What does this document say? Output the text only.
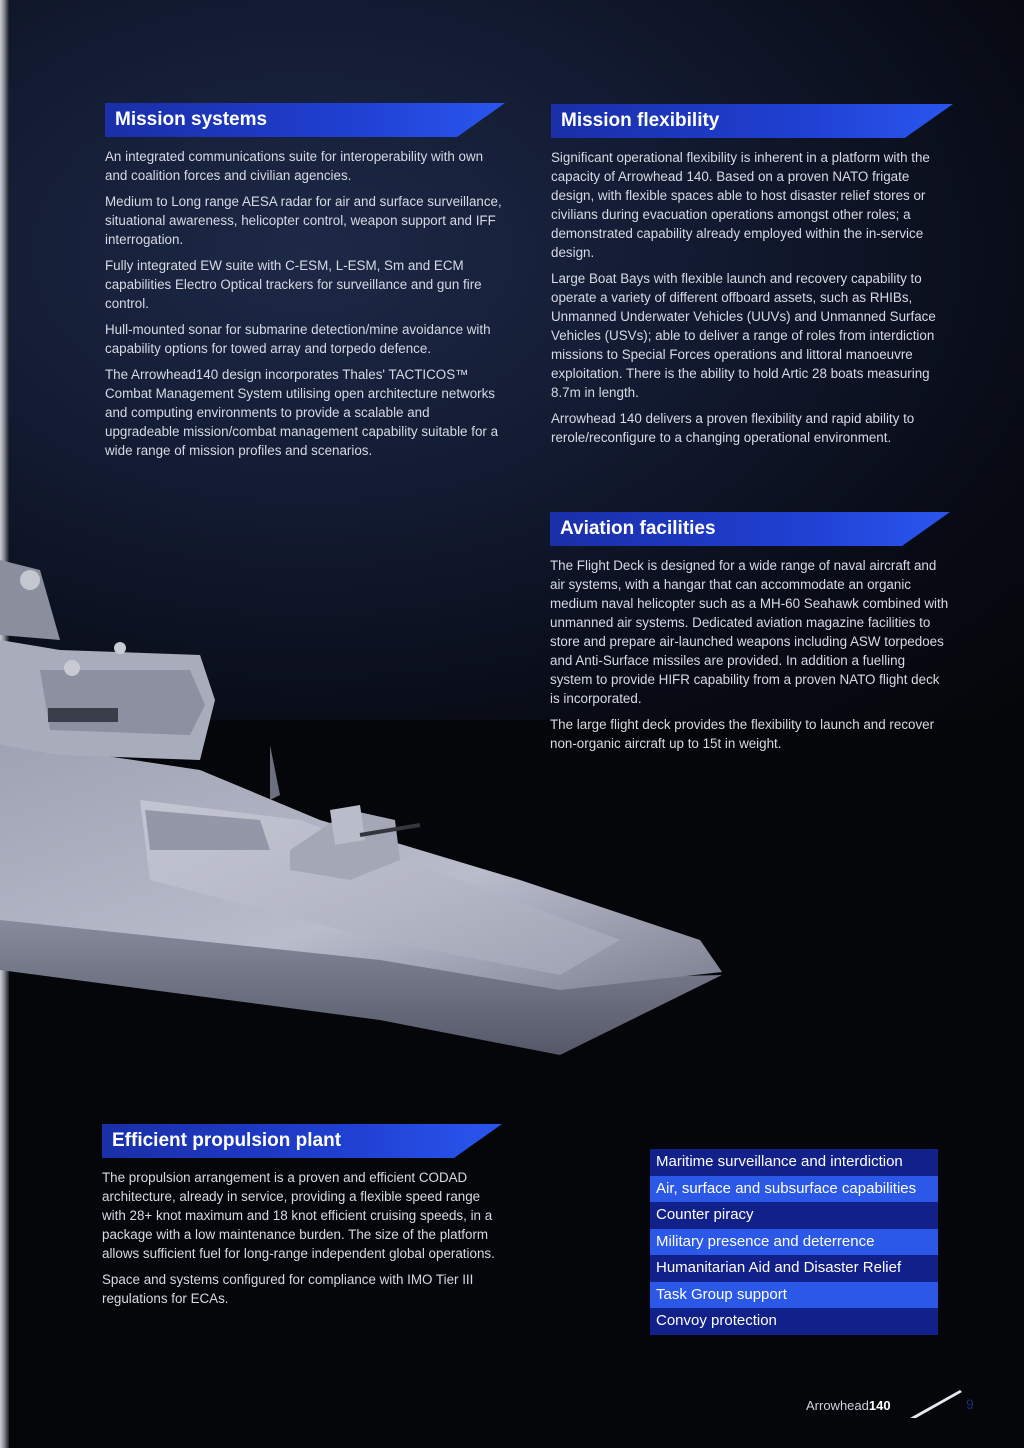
Mission systems

An integrated communications suite for interoperability with own and coalition forces and civilian agencies.

Medium to Long range AESA radar for air and surface surveillance, situational awareness, helicopter control, weapon support and IFF interrogation.

Fully integrated EW suite with C-ESM, L-ESM, Sm and ECM capabilities Electro Optical trackers for surveillance and gun fire control.

Hull-mounted sonar for submarine detection/mine avoidance with capability options for towed array and torpedo defence.

The Arrowhead140 design incorporates Thales' TACTICOS™ Combat Management System utilising open architecture networks and computing environments to provide a scalable and upgradeable mission/combat management capability suitable for a wide range of mission profiles and scenarios.

Mission flexibility

Significant operational flexibility is inherent in a platform with the capacity of Arrowhead 140. Based on a proven NATO frigate design, with flexible spaces able to host disaster relief stores or civilians during evacuation operations amongst other roles; a demonstrated capability already employed within the in-service design.

Large Boat Bays with flexible launch and recovery capability to operate a variety of different offboard assets, such as RHIBs, Unmanned Underwater Vehicles (UUVs) and Unmanned Surface Vehicles (USVs); able to deliver a range of roles from interdiction missions to Special Forces operations and littoral manoeuvre exploitation. There is the ability to hold Artic 28 boats measuring 8.7m in length.

Arrowhead 140 delivers a proven flexibility and rapid ability to rerole/reconfigure to a changing operational environment.

Aviation facilities

The Flight Deck is designed for a wide range of naval aircraft and air systems, with a hangar that can accommodate an organic medium naval helicopter such as a MH-60 Seahawk combined with unmanned air systems. Dedicated aviation magazine facilities to store and prepare air-launched weapons including ASW torpedoes and Anti-Surface missiles are provided. In addition a fuelling system to provide HIFR capability from a proven NATO flight deck is incorporated.

The large flight deck provides the flexibility to launch and recover non-organic aircraft up to 15t in weight.

Efficient propulsion plant

The propulsion arrangement is a proven and efficient CODAD architecture, already in service, providing a flexible speed range with 28+ knot maximum and 18 knot efficient cruising speeds, in a package with a low maintenance burden. The size of the platform allows sufficient fuel for long-range independent global operations.

Space and systems configured for compliance with IMO Tier III regulations for ECAs.

Maritime surveillance and interdiction
Air, surface and subsurface capabilities
Counter piracy
Military presence and deterrence
Humanitarian Aid and Disaster Relief
Task Group support
Convoy protection
Arrowhead140	9
